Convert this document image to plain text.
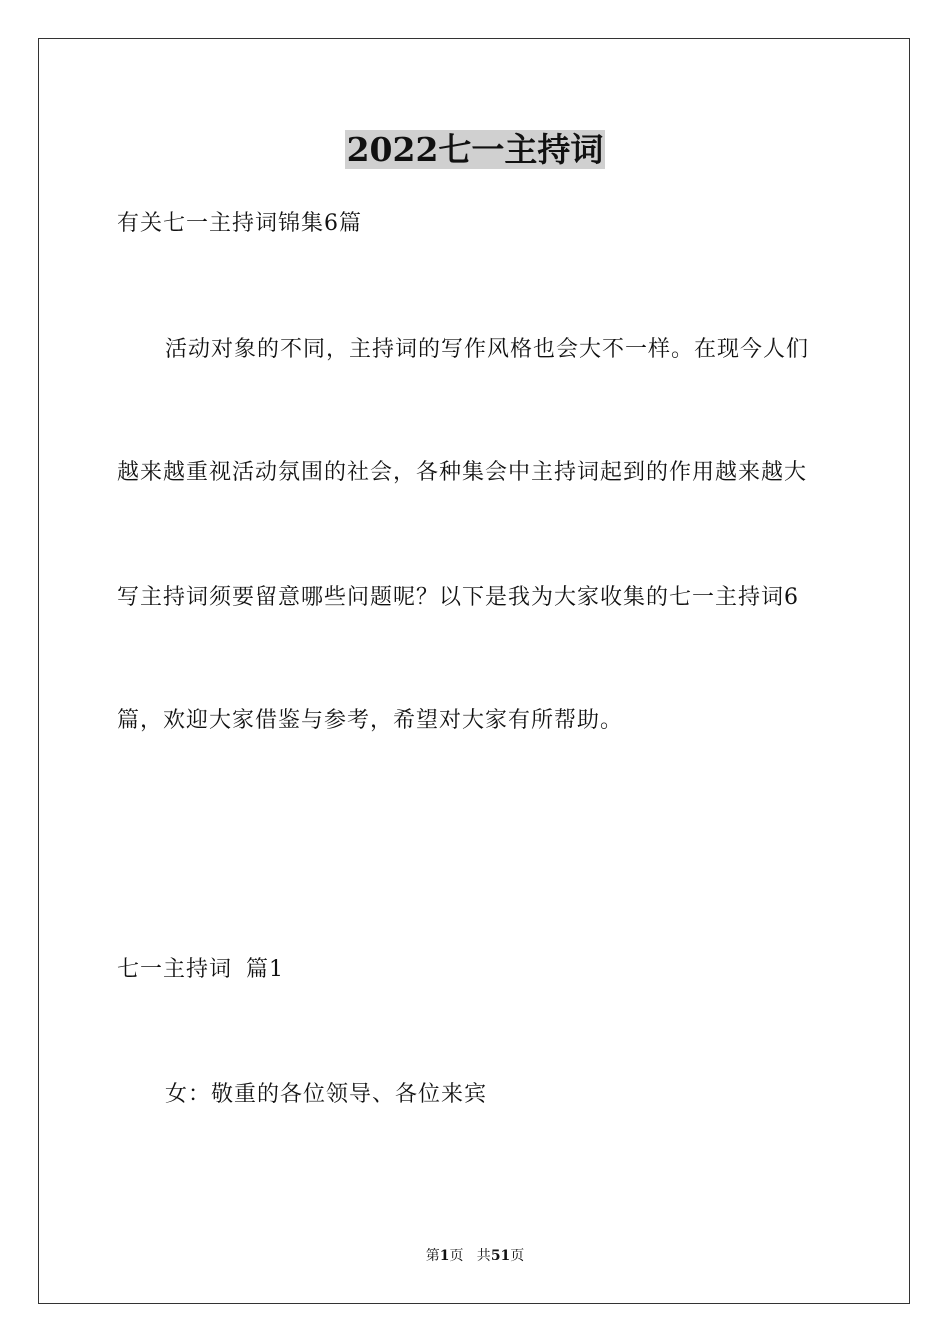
2022七一主持词

有关七一主持词锦集6篇

活动对象的不同，主持词的写作风格也会大不一样。在现今人们

越来越重视活动氛围的社会，各种集会中主持词起到的作用越来越大

写主持词须要留意哪些问题呢？以下是我为大家收集的七一主持词6

篇，欢迎大家借鉴与参考，希望对大家有所帮助。

七一主持词 篇1

女：敬重的各位领导、各位来宾

第1页   共51页
